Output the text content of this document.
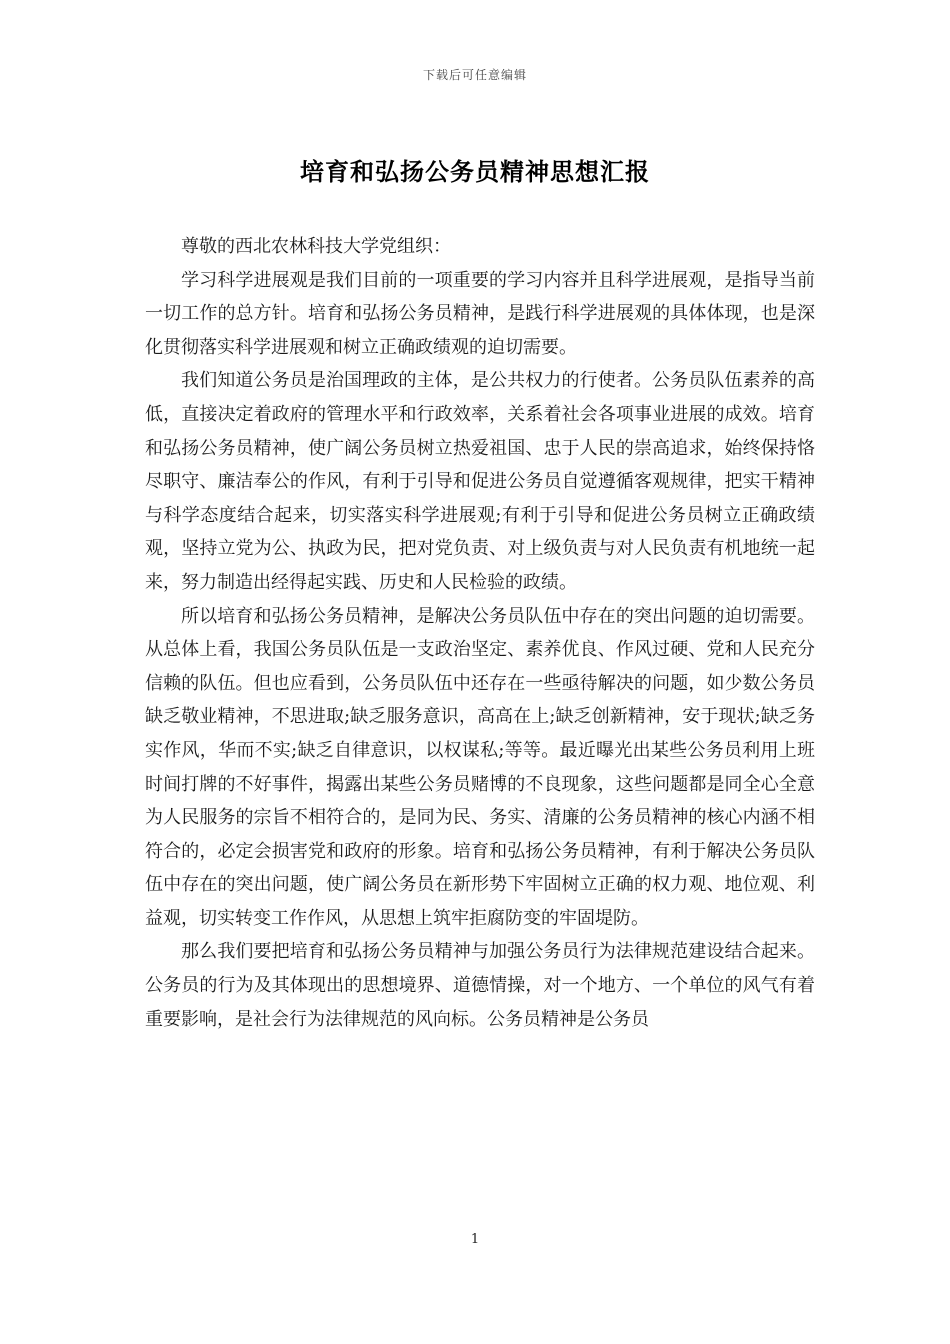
下载后可任意编辑
培育和弘扬公务员精神思想汇报

尊敬的西北农林科技大学党组织：

学习科学进展观是我们目前的一项重要的学习内容并且科学进展观，是指导当前一切工作的总方针。培育和弘扬公务员精神，是践行科学进展观的具体体现，也是深化贯彻落实科学进展观和树立正确政绩观的迫切需要。

我们知道公务员是治国理政的主体，是公共权力的行使者。公务员队伍素养的高低，直接决定着政府的管理水平和行政效率，关系着社会各项事业进展的成效。培育和弘扬公务员精神，使广阔公务员树立热爱祖国、忠于人民的崇高追求，始终保持恪尽职守、廉洁奉公的作风，有利于引导和促进公务员自觉遵循客观规律，把实干精神与科学态度结合起来，切实落实科学进展观;有利于引导和促进公务员树立正确政绩观，坚持立党为公、执政为民，把对党负责、对上级负责与对人民负责有机地统一起来，努力制造出经得起实践、历史和人民检验的政绩。

所以培育和弘扬公务员精神，是解决公务员队伍中存在的突出问题的迫切需要。从总体上看，我国公务员队伍是一支政治坚定、素养优良、作风过硬、党和人民充分信赖的队伍。但也应看到，公务员队伍中还存在一些亟待解决的问题，如少数公务员缺乏敬业精神，不思进取;缺乏服务意识，高高在上;缺乏创新精神，安于现状;缺乏务实作风，华而不实;缺乏自律意识，以权谋私;等等。最近曝光出某些公务员利用上班时间打牌的不好事件，揭露出某些公务员赌博的不良现象，这些问题都是同全心全意为人民服务的宗旨不相符合的，是同为民、务实、清廉的公务员精神的核心内涵不相符合的，必定会损害党和政府的形象。培育和弘扬公务员精神，有利于解决公务员队伍中存在的突出问题，使广阔公务员在新形势下牢固树立正确的权力观、地位观、利益观，切实转变工作作风，从思想上筑牢拒腐防变的牢固堤防。

那么我们要把培育和弘扬公务员精神与加强公务员行为法律规范建设结合起来。公务员的行为及其体现出的思想境界、道德情操，对一个地方、一个单位的风气有着重要影响，是社会行为法律规范的风向标。公务员精神是公务员

1
